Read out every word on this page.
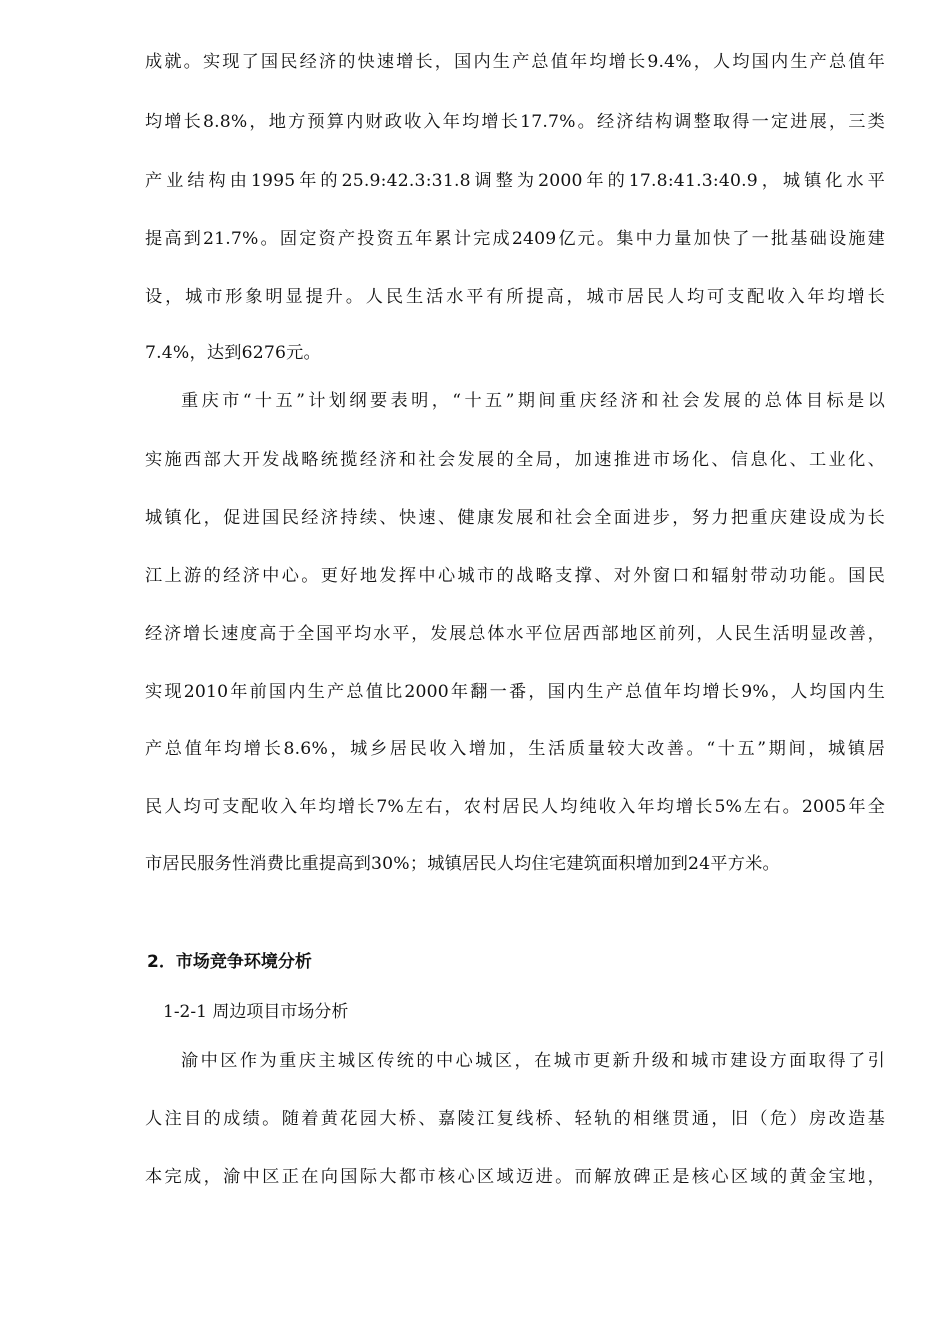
成就。实现了国民经济的快速增长，国内生产总值年均增长9.4%，人均国内生产总值年
均增长8.8%，地方预算内财政收入年均增长17.7%。经济结构调整取得一定进展，三类
产业结构由1995年的25.9:42.3:31.8调整为2000年的17.8:41.3:40.9，城镇化水平
提高到21.7%。固定资产投资五年累计完成2409亿元。集中力量加快了一批基础设施建
设，城市形象明显提升。人民生活水平有所提高，城市居民人均可支配收入年均增长
7.4%，达到6276元。
重庆市“十五”计划纲要表明，“十五”期间重庆经济和社会发展的总体目标是以
实施西部大开发战略统揽经济和社会发展的全局，加速推进市场化、信息化、工业化、
城镇化，促进国民经济持续、快速、健康发展和社会全面进步，努力把重庆建设成为长
江上游的经济中心。更好地发挥中心城市的战略支撑、对外窗口和辐射带动功能。国民
经济增长速度高于全国平均水平，发展总体水平位居西部地区前列，人民生活明显改善，
实现2010年前国内生产总值比2000年翻一番，国内生产总值年均增长9%，人均国内生
产总值年均增长8.6%，城乡居民收入增加，生活质量较大改善。“十五”期间，城镇居
民人均可支配收入年均增长7%左右，农村居民人均纯收入年均增长5%左右。2005年全
市居民服务性消费比重提高到30%；城镇居民人均住宅建筑面积增加到24平方米。
2．市场竞争环境分析
1-2-1 周边项目市场分析
渝中区作为重庆主城区传统的中心城区，在城市更新升级和城市建设方面取得了引
人注目的成绩。随着黄花园大桥、嘉陵江复线桥、轻轨的相继贯通，旧（危）房改造基
本完成，渝中区正在向国际大都市核心区域迈进。而解放碑正是核心区域的黄金宝地，
